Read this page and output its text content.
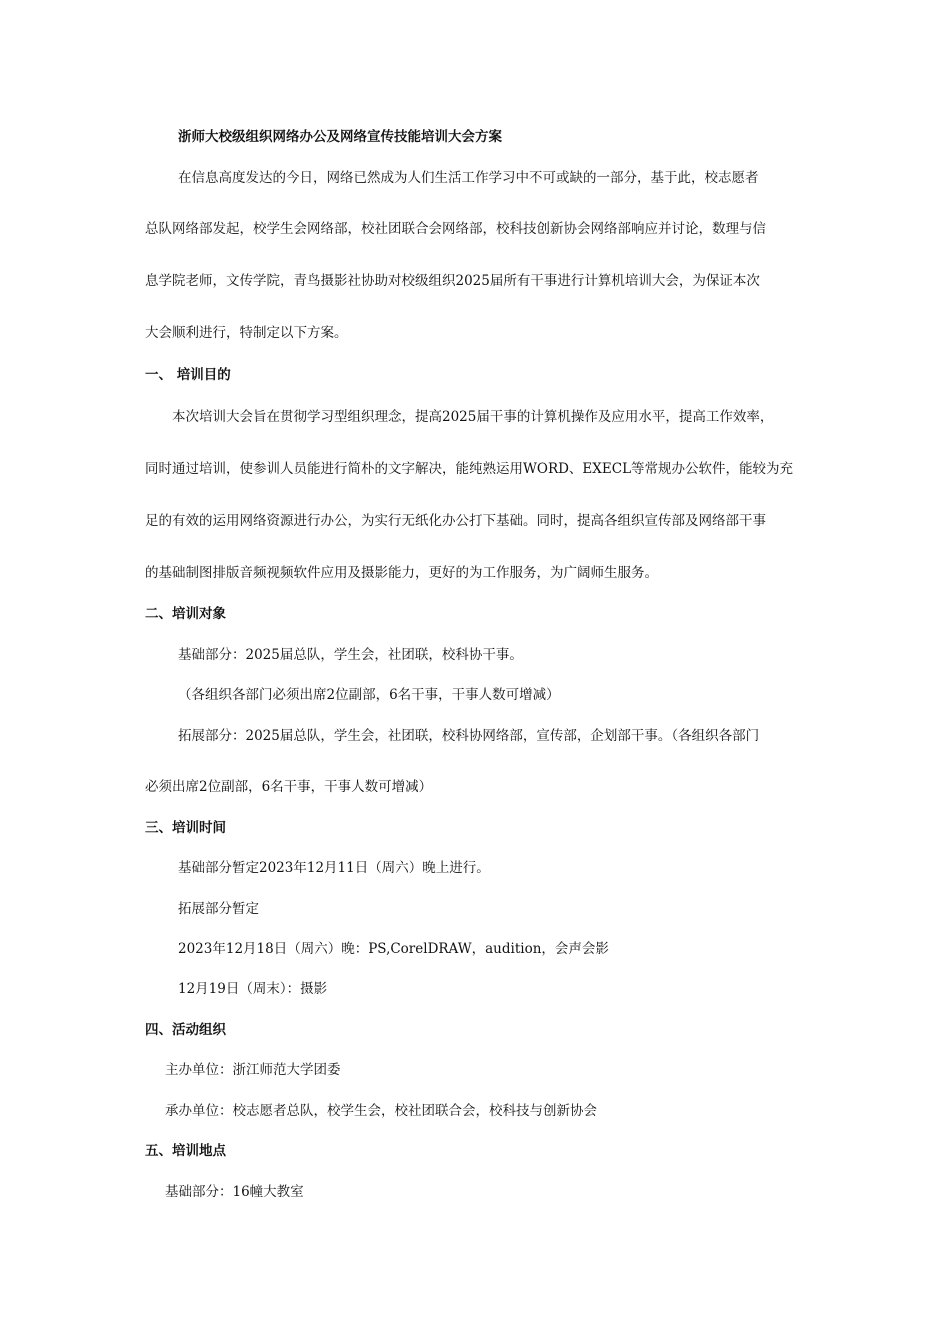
浙师大校级组织网络办公及网络宣传技能培训大会方案

在信息高度发达的今日，网络已然成为人们生活工作学习中不可或缺的一部分，基于此，校志愿者

总队网络部发起，校学生会网络部，校社团联合会网络部，校科技创新协会网络部响应并讨论，数理与信

息学院老师，文传学院，青鸟摄影社协助对校级组织2025届所有干事进行计算机培训大会，为保证本次

大会顺利进行，特制定以下方案。

一、 培训目的

本次培训大会旨在贯彻学习型组织理念，提高2025届干事的计算机操作及应用水平，提高工作效率，

同时通过培训，使参训人员能进行简朴的文字解决，能纯熟运用WORD、EXECL等常规办公软件，能较为充

足的有效的运用网络资源进行办公，为实行无纸化办公打下基础。同时，提高各组织宣传部及网络部干事

的基础制图排版音频视频软件应用及摄影能力，更好的为工作服务，为广阔师生服务。

二、培训对象

基础部分：2025届总队，学生会，社团联，校科协干事。

（各组织各部门必须出席2位副部，6名干事，干事人数可增减）

拓展部分：2025届总队，学生会，社团联，校科协网络部，宣传部，企划部干事。（各组织各部门

必须出席2位副部，6名干事，干事人数可增减）

三、培训时间

基础部分暂定2023年12月11日（周六）晚上进行。

拓展部分暂定

2023年12月18日（周六）晚：PS,CorelDRAW，audition，会声会影

12月19日（周末）：摄影

四、活动组织

主办单位：浙江师范大学团委

承办单位：校志愿者总队，校学生会，校社团联合会，校科技与创新协会

五、培训地点

基础部分：16幢大教室
